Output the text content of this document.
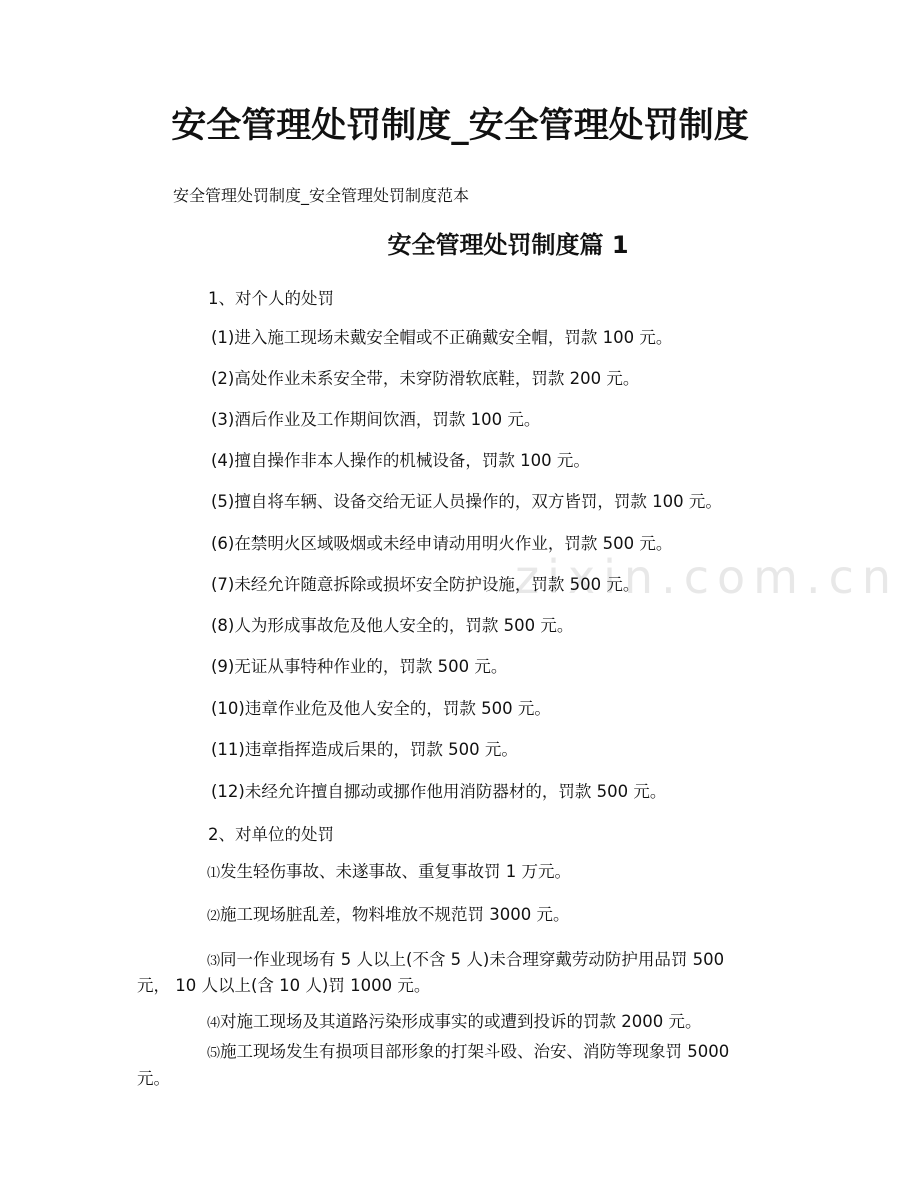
安全管理处罚制度_安全管理处罚制度
安全管理处罚制度_安全管理处罚制度范本
安全管理处罚制度篇 1
zixin.com.cn
1、对个人的处罚
(1)进入施工现场未戴安全帽或不正确戴安全帽，罚款 100 元。
(2)高处作业未系安全带，未穿防滑软底鞋，罚款 200 元。
(3)酒后作业及工作期间饮酒，罚款 100 元。
(4)擅自操作非本人操作的机械设备，罚款 100 元。
(5)擅自将车辆、设备交给无证人员操作的，双方皆罚，罚款 100 元。
(6)在禁明火区域吸烟或未经申请动用明火作业，罚款 500 元。
(7)未经允许随意拆除或损坏安全防护设施，罚款 500 元。
(8)人为形成事故危及他人安全的，罚款 500 元。
(9)无证从事特种作业的，罚款 500 元。
(10)违章作业危及他人安全的，罚款 500 元。
(11)违章指挥造成后果的，罚款 500 元。
(12)未经允许擅自挪动或挪作他用消防器材的，罚款 500 元。
2、对单位的处罚
⑴发生轻伤事故、未遂事故、重复事故罚 1 万元。
⑵施工现场脏乱差，物料堆放不规范罚 3000 元。
⑶同一作业现场有 5 人以上(不含 5 人)未合理穿戴劳动防护用品罚 500
元， 10 人以上(含 10 人)罚 1000 元。
⑷对施工现场及其道路污染形成事实的或遭到投诉的罚款 2000 元。
⑸施工现场发生有损项目部形象的打架斗殴、治安、消防等现象罚 5000
元。
